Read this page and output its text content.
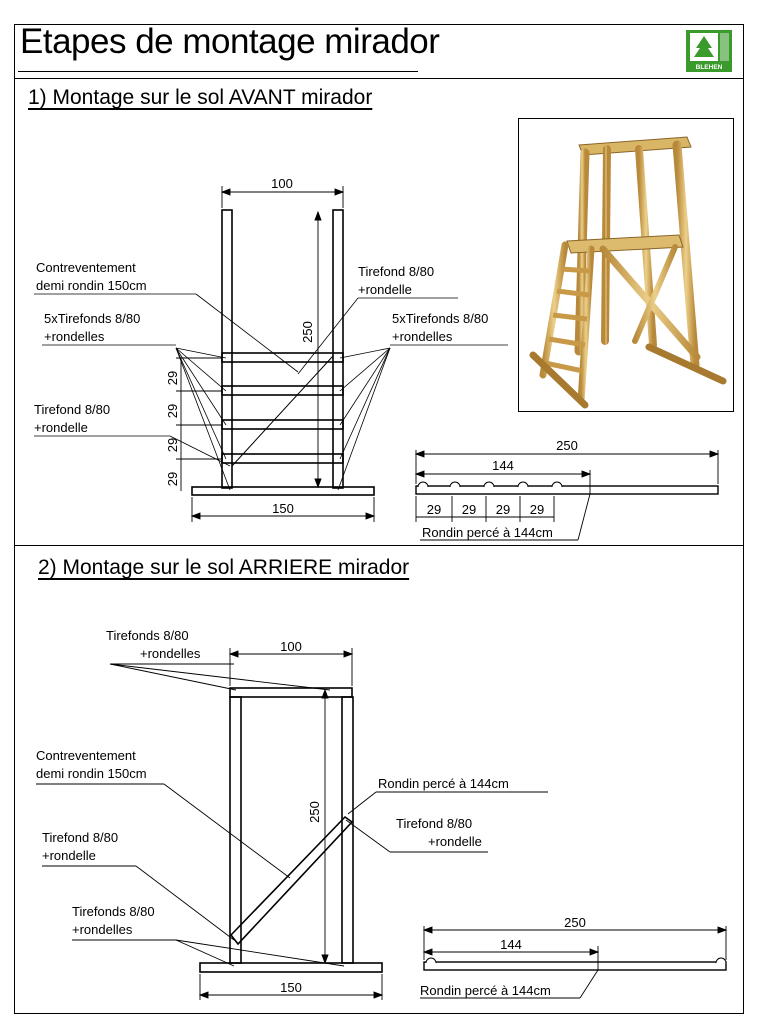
Etapes de montage mirador
BLEHEN
1) Montage sur le sol AVANT mirador
2) Montage sur le sol ARRIERE mirador
100
250
150
29
29
29
29
Contreventement
demi rondin 150cm
Tirefond 8/80
+rondelle
5xTirefonds 8/80
+rondelles
5xTirefonds 8/80
+rondelles
Tirefond 8/80
+rondelle
250
144
29 29 29 29
Rondin percé à 144cm
100
250
150
Tirefonds 8/80
+rondelles
Contreventement
demi rondin 150cm
Rondin percé à 144cm
Tirefond 8/80
+rondelle
Tirefond 8/80
+rondelle
Tirefonds 8/80
+rondelles	250
144
Rondin percé à 144cm
